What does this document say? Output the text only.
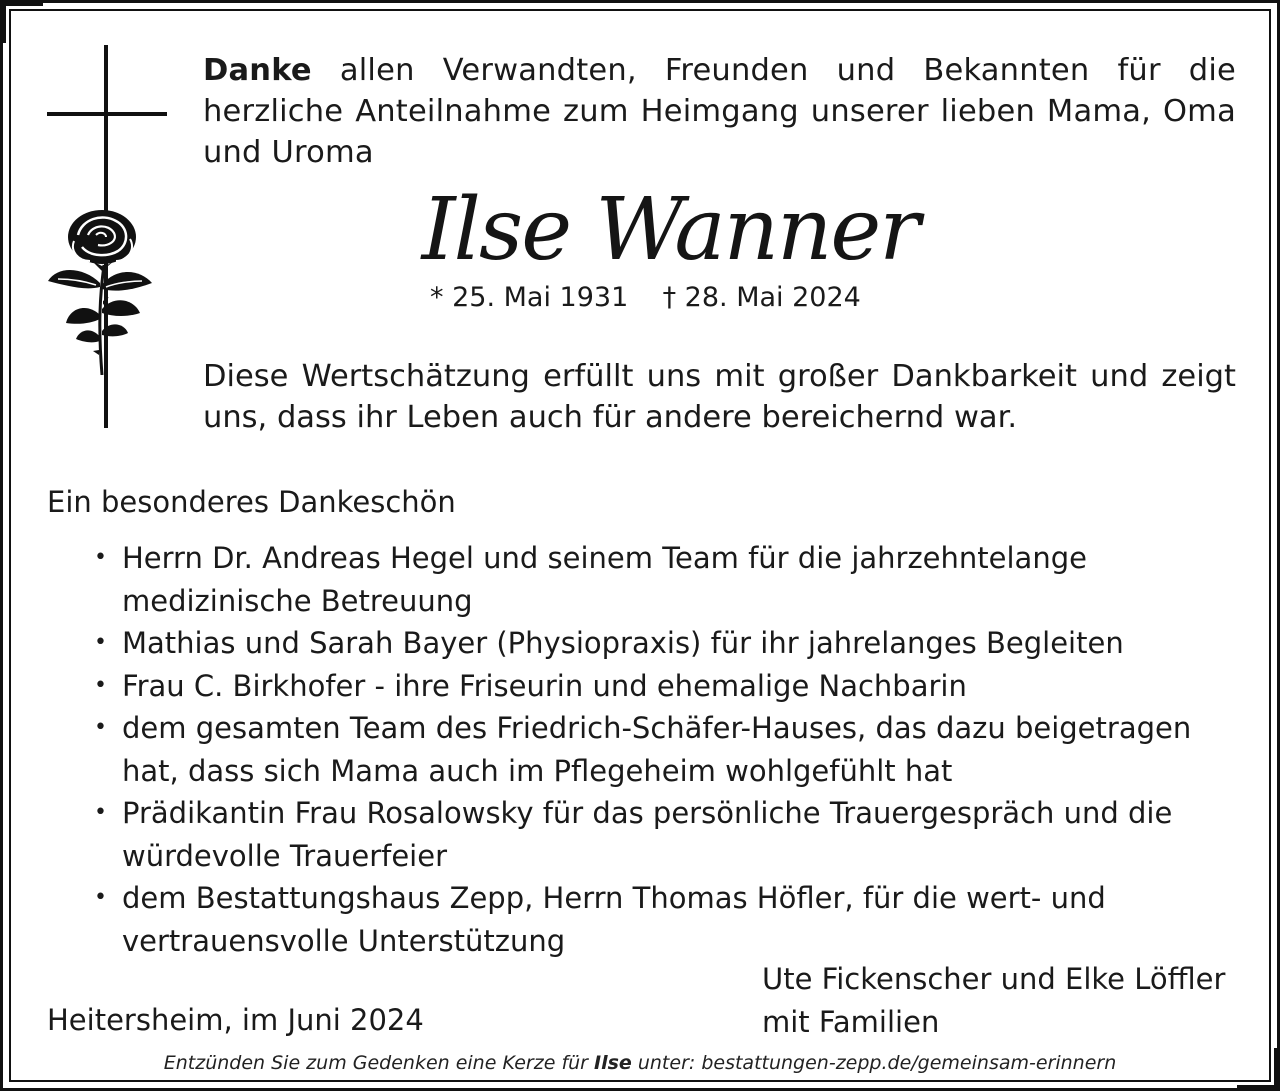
Danke allen Verwandten, Freunden und Bekannten für die herzliche Anteilnahme zum Heimgang unserer lieben Mama, Oma und Uroma
Ilse Wanner
* 25. Mai 1931 † 28. Mai 2024
Diese Wertschätzung erfüllt uns mit großer Dankbarkeit und zeigt uns, dass ihr Leben auch für andere bereichernd war.
Ein besonderes Dankeschön
• Herrn Dr. Andreas Hegel und seinem Team für die jahrzehntelange medizinische Betreuung
• Mathias und Sarah Bayer (Physiopraxis) für ihr jahrelanges Begleiten
• Frau C. Birkhofer - ihre Friseurin und ehemalige Nachbarin
• dem gesamten Team des Friedrich-Schäfer-Hauses, das dazu beigetragen hat, dass sich Mama auch im Pflegeheim wohlgefühlt hat
• Prädikantin Frau Rosalowsky für das persönliche Trauergespräch und die würdevolle Trauerfeier
• dem Bestattungshaus Zepp, Herrn Thomas Höfler, für die wert- und vertrauensvolle Unterstützung
Heitersheim, im Juni 2024
Ute Fickenscher und Elke Löffler
mit Familien
Entzünden Sie zum Gedenken eine Kerze für Ilse unter: bestattungen-zepp.de/gemeinsam-erinnern
